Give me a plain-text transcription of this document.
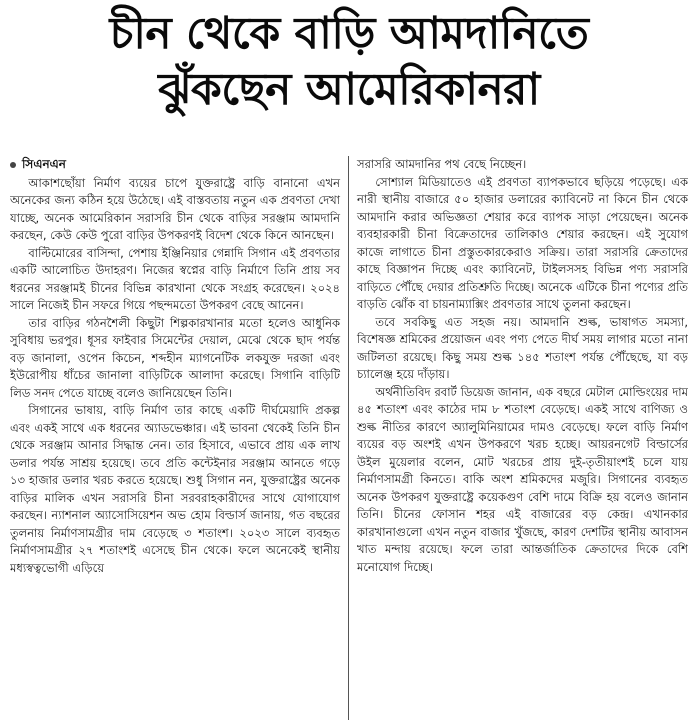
চীন থেকে বাড়ি আমদানিতে
ঝুঁকছেন আমেরিকানরা

সিএনএন

আকাশছোঁয়া নির্মাণ ব্যয়ের চাপে যুক্তরাষ্ট্রে বাড়ি বানানো এখন অনেকের জন্য কঠিন হয়ে উঠেছে। এই বাস্তবতায় নতুন এক প্রবণতা দেখা যাচ্ছে, অনেক আমেরিকান সরাসরি চীন থেকে বাড়ির সরঞ্জাম আমদানি করছেন, কেউ কেউ পুরো বাড়ির উপকরণই বিদেশ থেকে কিনে আনছেন।

বাল্টিমোরের বাসিন্দা, পেশায় ইঞ্জিনিয়ার গেন্নাদি সিগান এই প্রবণতার একটি আলোচিত উদাহরণ। নিজের স্বপ্নের বাড়ি নির্মাণে তিনি প্রায় সব ধরনের সরঞ্জামই চীনের বিভিন্ন কারখানা থেকে সংগ্রহ করেছেন। ২০২৪ সালে নিজেই চীন সফরে গিয়ে পছন্দমতো উপকরণ বেছে আনেন।

তার বাড়ির গঠনশৈলী কিছুটা শিল্পকারখানার মতো হলেও আধুনিক সুবিধায় ভরপুর। ধূসর ফাইবার সিমেন্টের দেয়াল, মেঝে থেকে ছাদ পর্যন্ত বড় জানালা, ওপেন কিচেন, শব্দহীন ম্যাগনেটিক লকযুক্ত দরজা এবং ইউরোপীয় ধাঁচের জানালা বাড়িটিকে আলাদা করেছে। সিগানি বাড়িটি লিড সনদ পেতে যাচ্ছে বলেও জানিয়েছেন তিনি।

সিগানের ভাষায়, বাড়ি নির্মাণ তার কাছে একটি দীর্ঘমেয়াদি প্রকল্প এবং একই সাথে এক ধরনের অ্যাডভেঞ্চার। এই ভাবনা থেকেই তিনি চীন থেকে সরঞ্জাম আনার সিদ্ধান্ত নেন। তার হিসাবে, এভাবে প্রায় এক লাখ ডলার পর্যন্ত সাশ্রয় হয়েছে। তবে প্রতি কন্টেইনার সরঞ্জাম আনতে গড়ে ১৩ হাজার ডলার খরচ করতে হয়েছে। শুধু সিগান নন, যুক্তরাষ্ট্রের অনেক বাড়ির মালিক এখন সরাসরি চীনা সরবরাহকারীদের সাথে যোগাযোগ করছেন। ন্যাশনাল অ্যাসোসিয়েশন অভ হোম বিল্ডার্স জানায়, গত বছরের তুলনায় নির্মাণসামগ্রীর দাম বেড়েছে ৩ শতাংশ। ২০২৩ সালে ব্যবহৃত নির্মাণসামগ্রীর ২৭ শতাংশই এসেছে চীন থেকে। ফলে অনেকেই স্থানীয় মধ্যস্বত্বভোগী এড়িয়ে

সরাসরি আমদানির পথ বেছে নিচ্ছেন।

সোশ্যাল মিডিয়াতেও এই প্রবণতা ব্যাপকভাবে ছড়িয়ে পড়েছে। এক নারী স্থানীয় বাজারে ৫০ হাজার ডলারের ক্যাবিনেট না কিনে চীন থেকে আমদানি করার অভিজ্ঞতা শেয়ার করে ব্যাপক সাড়া পেয়েছেন। অনেক ব্যবহারকারী চীনা বিক্রেতাদের তালিকাও শেয়ার করছেন। এই সুযোগ কাজে লাগাতে চীনা প্রস্তুতকারকেরাও সক্রিয়। তারা সরাসরি ক্রেতাদের কাছে বিজ্ঞাপন দিচ্ছে এবং ক্যাবিনেট, টাইলসসহ বিভিন্ন পণ্য সরাসরি বাড়িতে পৌঁছে দেয়ার প্রতিশ্রুতি দিচ্ছে। অনেকে এটিকে চীনা পণ্যের প্রতি বাড়তি ঝোঁক বা চায়নাম্যাক্সিং প্রবণতার সাথে তুলনা করছেন।

তবে সবকিছু এত সহজ নয়। আমদানি শুল্ক, ভাষাগত সমস্যা, বিশেষজ্ঞ শ্রমিকের প্রয়োজন এবং পণ্য পেতে দীর্ঘ সময় লাগার মতো নানা জটিলতা রয়েছে। কিছু সময় শুল্ক ১৪৫ শতাংশ পর্যন্ত পৌঁছেছে, যা বড় চ্যালেঞ্জ হয়ে দাঁড়ায়।

অর্থনীতিবিদ রবার্ট ডিয়েজ জানান, এক বছরে মেটাল মোল্ডিংয়ের দাম ৪৫ শতাংশ এবং কাঠের দাম ৮ শতাংশ বেড়েছে। একই সাথে বাণিজ্য ও শুল্ক নীতির কারণে অ্যালুমিনিয়ামের দামও বেড়েছে। ফলে বাড়ি নির্মাণ ব্যয়ের বড় অংশই এখন উপকরণে খরচ হচ্ছে। আয়রনগেট বিল্ডার্সের উইল মুয়েলার বলেন, মোট খরচের প্রায় দুই-তৃতীয়াংশই চলে যায় নির্মাণসামগ্রী কিনতে। বাকি অংশ শ্রমিকদের মজুরি। সিগানের ব্যবহৃত অনেক উপকরণ যুক্তরাষ্ট্রে কয়েকগুণ বেশি দামে বিক্রি হয় বলেও জানান তিনি। চীনের ফোসান শহর এই বাজারের বড় কেন্দ্র। এখানকার কারখানাগুলো এখন নতুন বাজার খুঁজছে, কারণ দেশটির স্থানীয় আবাসন খাত মন্দায় রয়েছে। ফলে তারা আন্তর্জাতিক ক্রেতাদের দিকে বেশি মনোযোগ দিচ্ছে।
